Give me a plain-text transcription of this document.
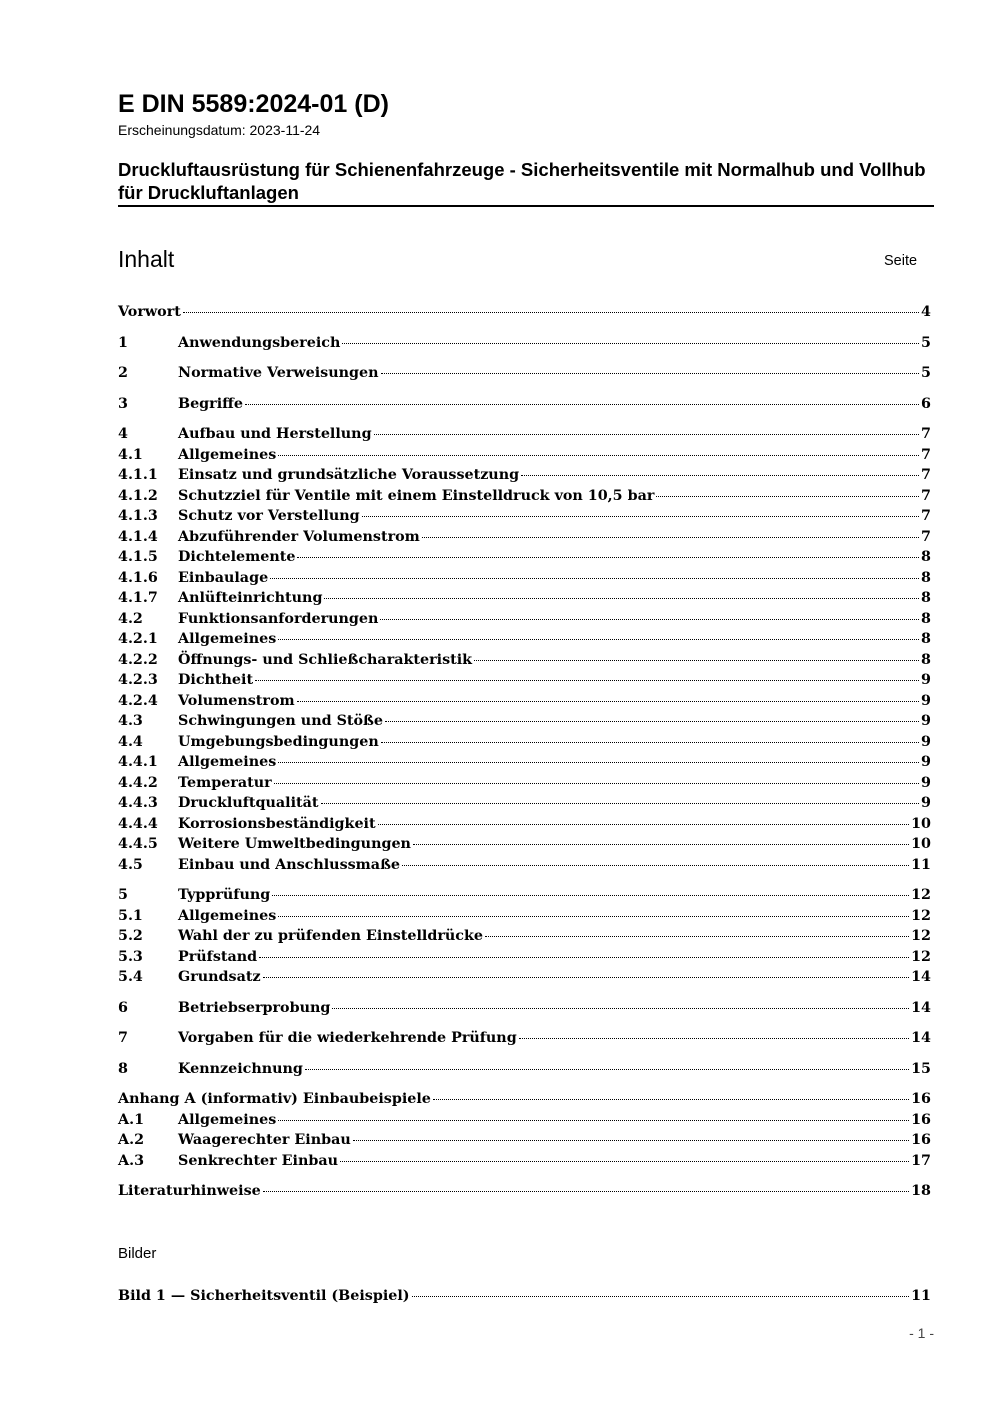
E DIN 5589:2024-01 (D)
Erscheinungsdatum: 2023-11-24
Druckluftausrüstung für Schienenfahrzeuge - Sicherheitsventile mit Normalhub und Vollhub für Druckluftanlagen
Inhalt	Seite
Vorwort	4
1	Anwendungsbereich	5
2	Normative Verweisungen	5
3	Begriffe	6
4	Aufbau und Herstellung	7
4.1	Allgemeines	7
4.1.1	Einsatz und grundsätzliche Voraussetzung	7
4.1.2	Schutzziel für Ventile mit einem Einstelldruck von 10,5 bar	7
4.1.3	Schutz vor Verstellung	7
4.1.4	Abzuführender Volumenstrom	7
4.1.5	Dichtelemente	8
4.1.6	Einbaulage	8
4.1.7	Anlüfteinrichtung	8
4.2	Funktionsanforderungen	8
4.2.1	Allgemeines	8
4.2.2	Öffnungs- und Schließcharakteristik	8
4.2.3	Dichtheit	9
4.2.4	Volumenstrom	9
4.3	Schwingungen und Stöße	9
4.4	Umgebungsbedingungen	9
4.4.1	Allgemeines	9
4.4.2	Temperatur	9
4.4.3	Druckluftqualität	9
4.4.4	Korrosionsbeständigkeit	10
4.4.5	Weitere Umweltbedingungen	10
4.5	Einbau und Anschlussmaße	11
5	Typprüfung	12
5.1	Allgemeines	12
5.2	Wahl der zu prüfenden Einstelldrücke	12
5.3	Prüfstand	12
5.4	Grundsatz	14
6	Betriebserprobung	14
7	Vorgaben für die wiederkehrende Prüfung	14
8	Kennzeichnung	15
Anhang A (informativ) Einbaubeispiele	16
A.1	Allgemeines	16
A.2	Waagerechter Einbau	16
A.3	Senkrechter Einbau	17
Literaturhinweise	18
Bilder
Bild 1 — Sicherheitsventil (Beispiel)	11
- 1 -
